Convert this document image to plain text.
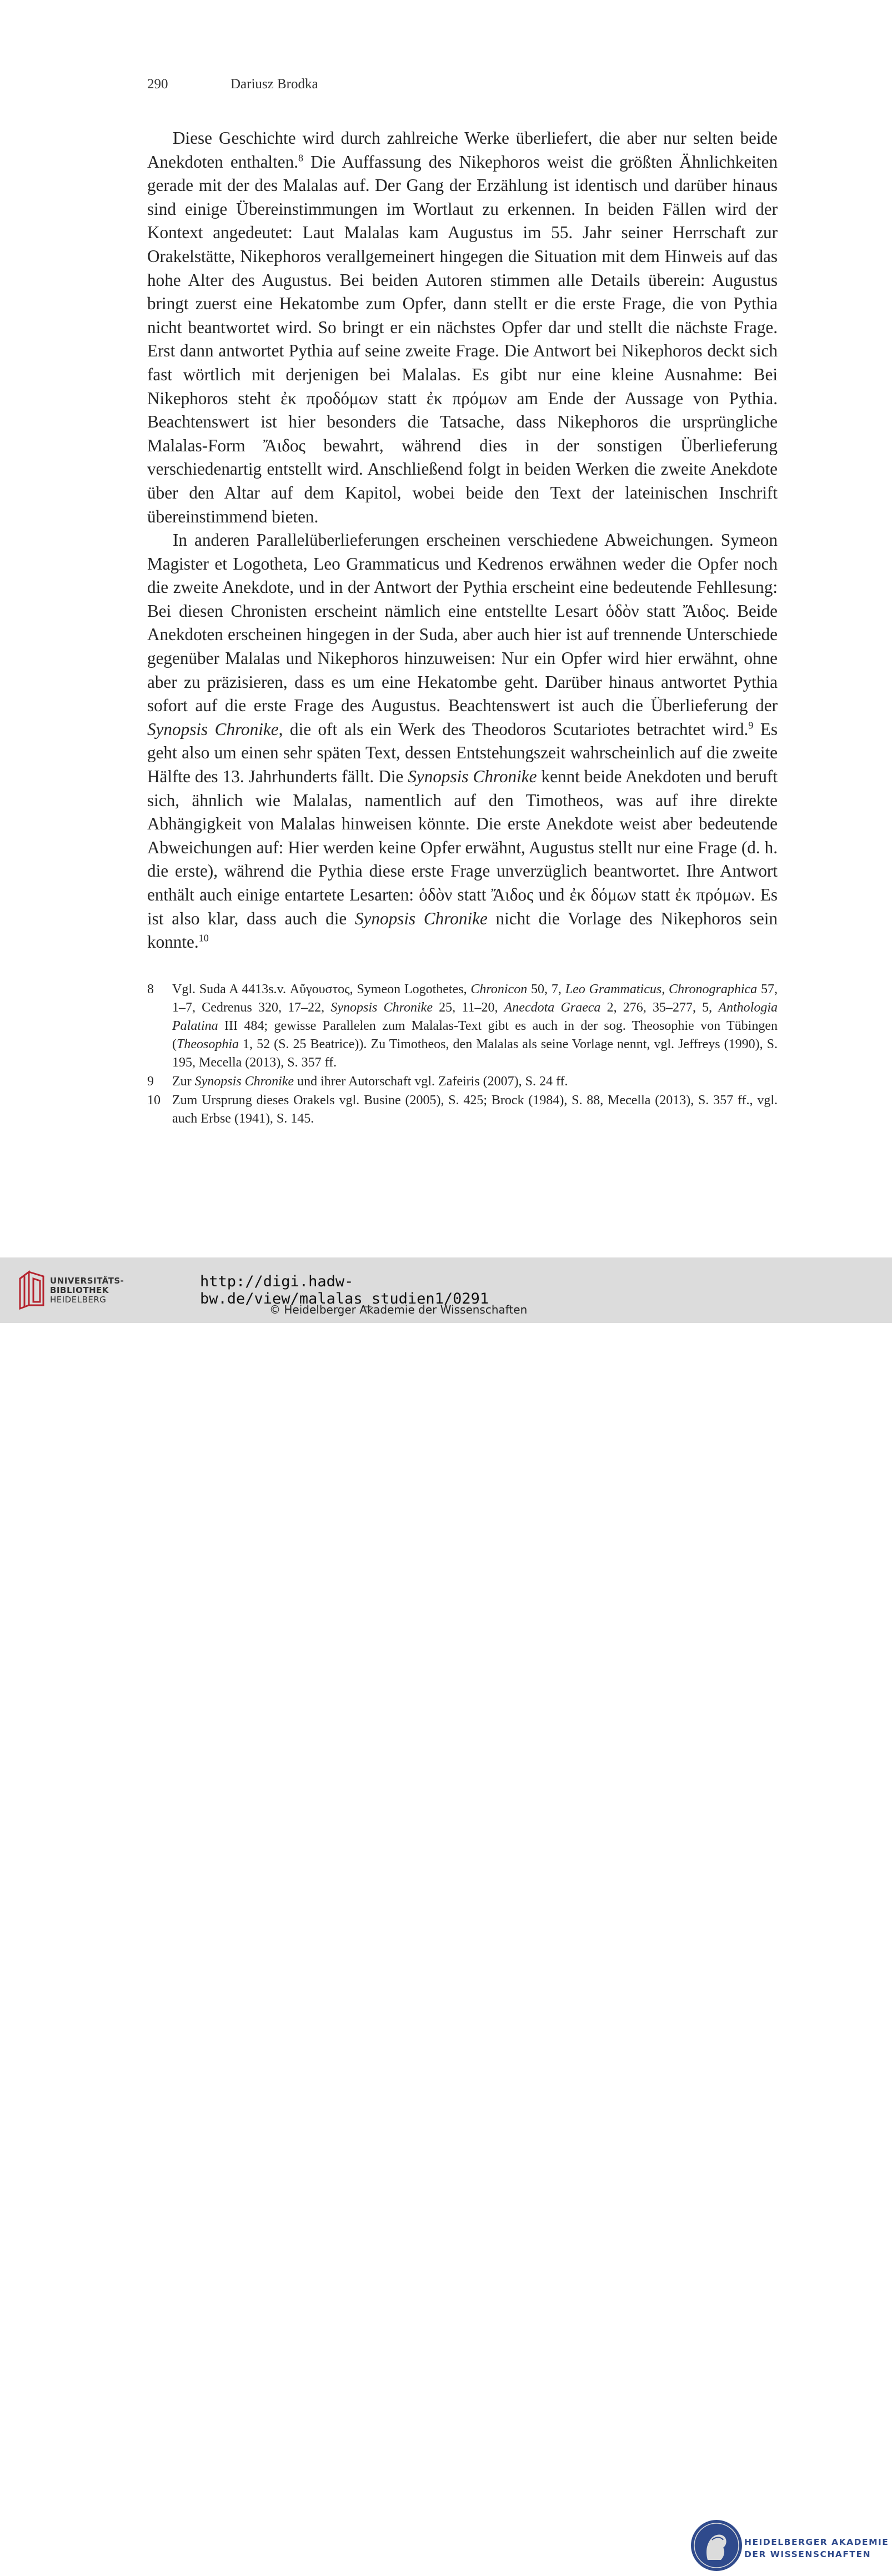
290	Dariusz Brodka

Diese Geschichte wird durch zahlreiche Werke überliefert, die aber nur selten beide Anekdoten enthalten.$^8$ Die Auffassung des Nikephoros weist die größten Ähnlichkeiten gerade mit der des Malalas auf. Der Gang der Erzählung ist identisch und darüber hinaus sind einige Übereinstimmungen im Wortlaut zu erkennen. In beiden Fällen wird der Kontext angedeutet: Laut Malalas kam Augustus im 55. Jahr seiner Herrschaft zur Orakelstätte, Nikephoros verallgemeinert hingegen die Situation mit dem Hinweis auf das hohe Alter des Augustus. Bei beiden Autoren stimmen alle Details überein: Augustus bringt zuerst eine Hekatombe zum Opfer, dann stellt er die erste Frage, die von Pythia nicht beantwortet wird. So bringt er ein nächstes Opfer dar und stellt die nächste Frage. Erst dann antwortet Pythia auf seine zweite Frage. Die Antwort bei Nikephoros deckt sich fast wörtlich mit derjenigen bei Malalas. Es gibt nur eine kleine Ausnahme: Bei Nikephoros steht ἐκ προδόμων statt ἐκ πρόμων am Ende der Aussage von Pythia. Beachtenswert ist hier besonders die Tatsache, dass Nikephoros die ursprüngliche Malalas-Form Ἄιδος bewahrt, während dies in der sonstigen Überlieferung verschiedenartig entstellt wird. Anschließend folgt in beiden Werken die zweite Anekdote über den Altar auf dem Kapitol, wobei beide den Text der lateinischen Inschrift übereinstimmend bieten.

In anderen Parallelüberlieferungen erscheinen verschiedene Abweichungen. Symeon Magister et Logotheta, Leo Grammaticus und Kedrenos erwähnen weder die Opfer noch die zweite Anekdote, und in der Antwort der Pythia erscheint eine bedeutende Fehllesung: Bei diesen Chronisten erscheint nämlich eine entstellte Lesart ὁδὸν statt Ἄιδος. Beide Anekdoten erscheinen hingegen in der Suda, aber auch hier ist auf trennende Unterschiede gegenüber Malalas und Nikephoros hinzuweisen: Nur ein Opfer wird hier erwähnt, ohne aber zu präzisieren, dass es um eine Hekatombe geht. Darüber hinaus antwortet Pythia sofort auf die erste Frage des Augustus. Beachtenswert ist auch die Überlieferung der Synopsis Chronike, die oft als ein Werk des Theodoros Scutariotes betrachtet wird.$^9$ Es geht also um einen sehr späten Text, dessen Entstehungszeit wahrscheinlich auf die zweite Hälfte des 13. Jahrhunderts fällt. Die Synopsis Chronike kennt beide Anekdoten und beruft sich, ähnlich wie Malalas, namentlich auf den Timotheos, was auf ihre direkte Abhängigkeit von Malalas hinweisen könnte. Die erste Anekdote weist aber bedeutende Abweichungen auf: Hier werden keine Opfer erwähnt, Augustus stellt nur eine Frage (d. h. die erste), während die Pythia diese erste Frage unverzüglich beantwortet. Ihre Antwort enthält auch einige entartete Lesarten: ὁδὸν statt Ἄιδος und ἐκ δόμων statt ἐκ πρόμων. Es ist also klar, dass auch die Synopsis Chronike nicht die Vorlage des Nikephoros sein konnte.$^{10}$

8	Vgl. Suda A 4413s.v. Αὔγουστος, Symeon Logothetes, Chronicon 50, 7, Leo Grammaticus, Chronographica 57, 1–7, Cedrenus 320, 17–22, Synopsis Chronike 25, 11–20, Anecdota Graeca 2, 276, 35–277, 5, Anthologia Palatina III 484; gewisse Parallelen zum Malalas-Text gibt es auch in der sog. Theosophie von Tübingen (Theosophia 1, 52 (S. 25 Beatrice)). Zu Timotheos, den Malalas als seine Vorlage nennt, vgl. Jeffreys (1990), S. 195, Mecella (2013), S. 357 ff.
9	Zur Synopsis Chronike und ihrer Autorschaft vgl. Zafeiris (2007), S. 24 ff.
10 Zum Ursprung dieses Orakels vgl. Busine (2005), S. 425; Brock (1984), S. 88, Mecella (2013), S. 357 ff., vgl. auch Erbse (1941), S. 145.
UNIVERSITÄTS-
BIBLIOTHEK
HEIDELBERG
HEIDELBERGER AKADEMIE
DER WISSENSCHAFTEN
http://digi.hadw-bw.de/view/malalas_studien1/0291
© Heidelberger Akademie der Wissenschaften
